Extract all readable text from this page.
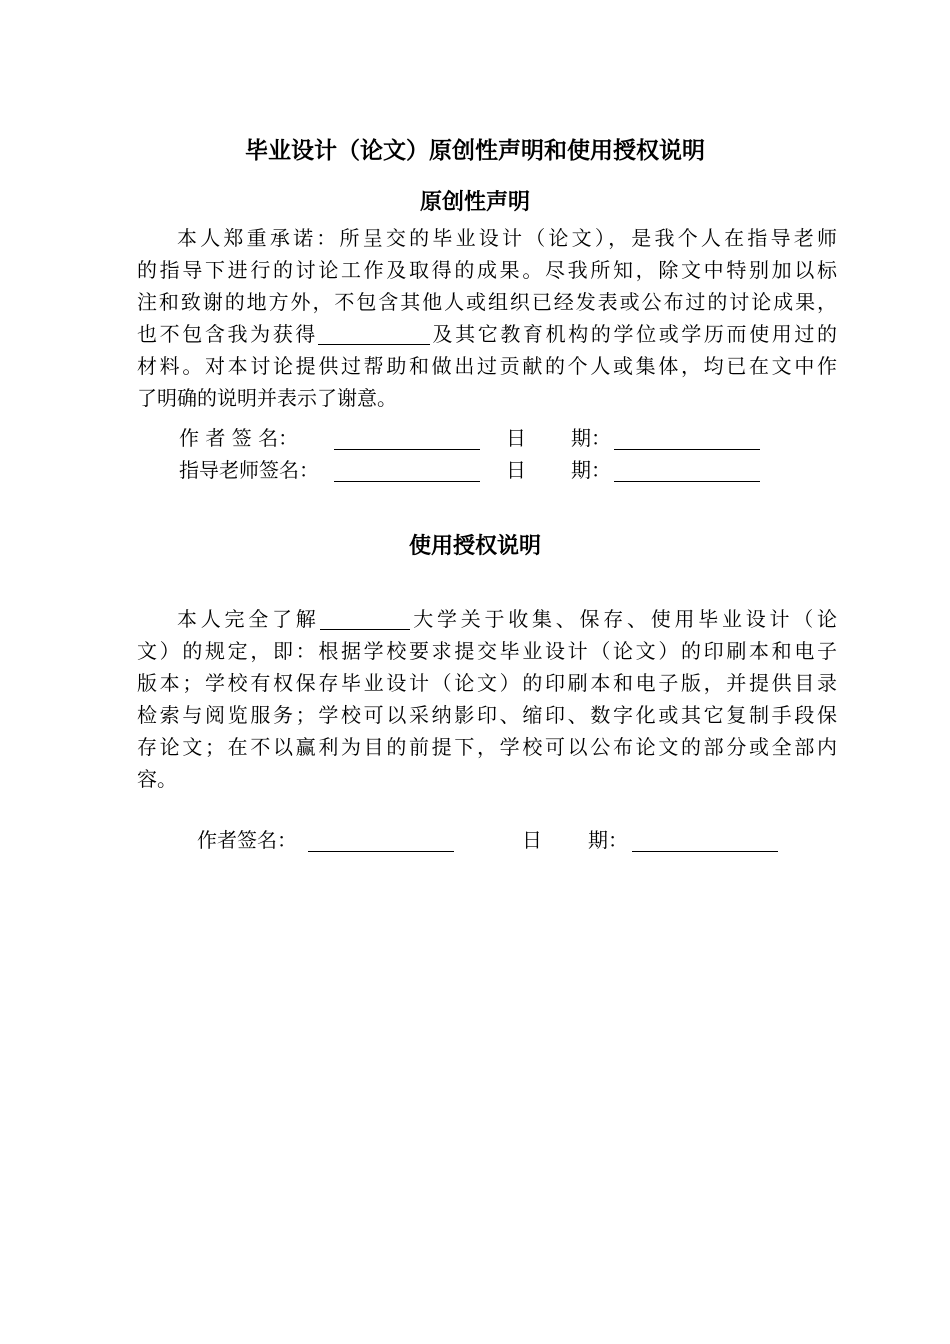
毕业设计（论文）原创性声明和使用授权说明
原创性声明
本人郑重承诺：所呈交的毕业设计（论文），是我个人在指导老师
的指导下进行的讨论工作及取得的成果。尽我所知，除文中特别加以标
注和致谢的地方外，不包含其他人或组织已经发表或公布过的讨论成果，
也不包含我为获得	及其它教育机构的学位或学历而使用过的
材料。对本讨论提供过帮助和做出过贡献的个人或集体，均已在文中作
了明确的说明并表示了谢意。
作 者 签 名：	日 期：
指导老师签名：	日 期：
使用授权说明
本人完全了解	大学关于收集、保存、使用毕业设计（论
文）的规定，即：根据学校要求提交毕业设计（论文）的印刷本和电子
版本；学校有权保存毕业设计（论文）的印刷本和电子版，并提供目录
检索与阅览服务；学校可以采纳影印、缩印、数字化或其它复制手段保
存论文；在不以赢利为目的前提下，学校可以公布论文的部分或全部内
容。
作者签名：	日 期：
